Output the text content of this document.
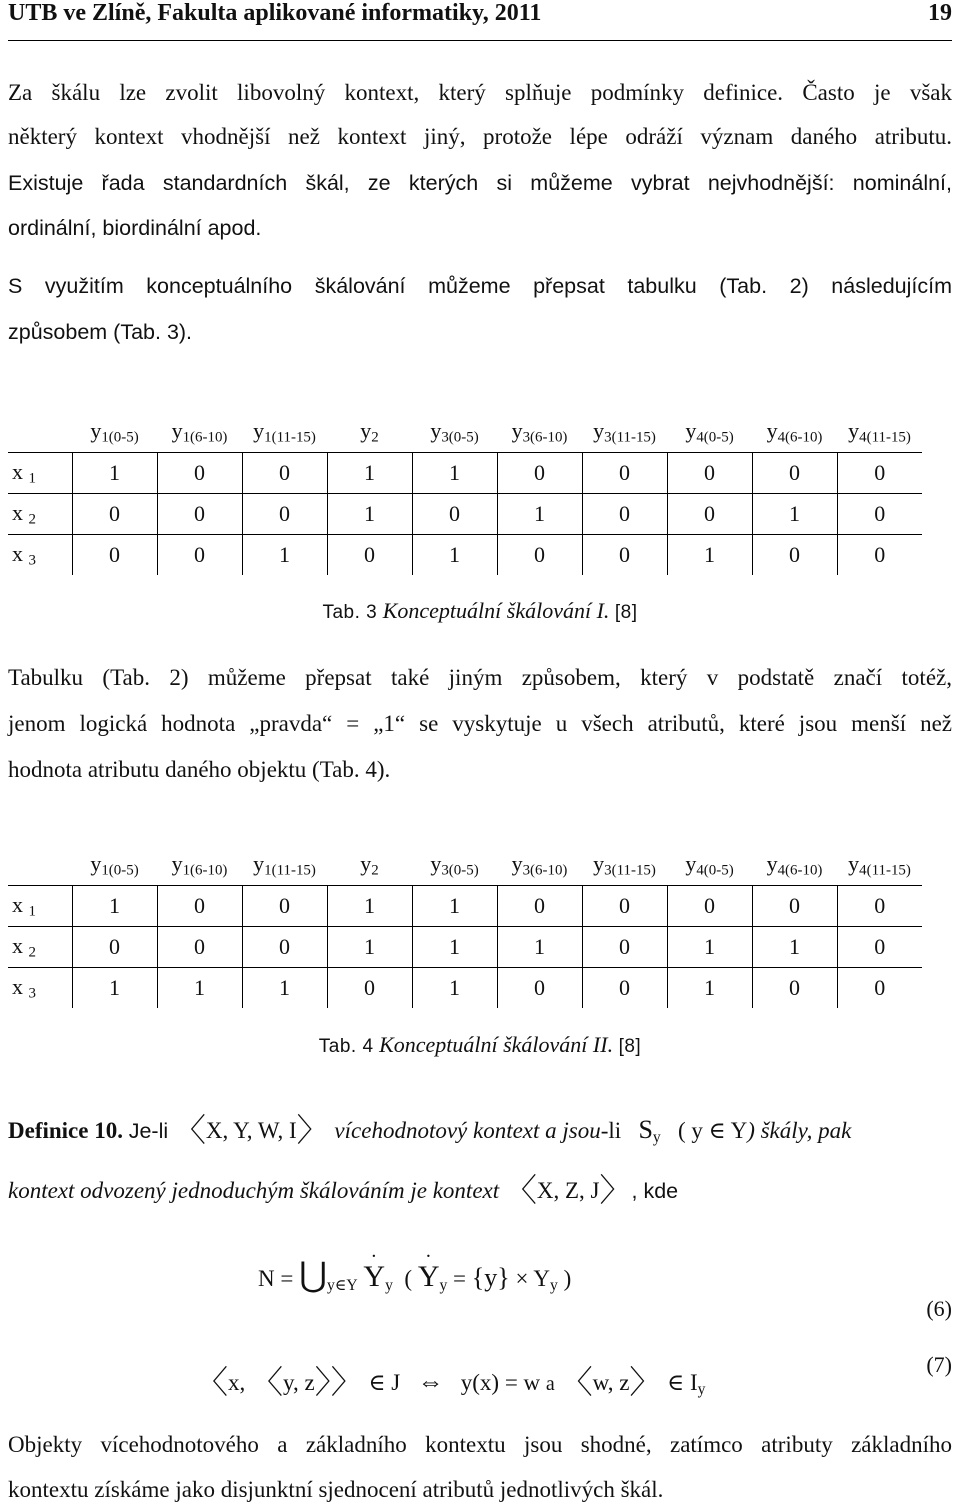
UTB ve Zlíně, Fakulta aplikované informatiky, 2011	19
Za škálu lze zvolit libovolný kontext, který splňuje podmínky definice. Často je však
některý kontext vhodnější než kontext jiný, protože lépe odráží význam daného atributu.
Existuje řada standardních škál, ze kterých si můžeme vybrat nejvhodnější: nominální,
ordinální, biordinální apod.
S využitím konceptuálního škálování můžeme přepsat tabulku (Tab. 2) následujícím
způsobem (Tab. 3).
	$y_{1(0-5)}$	$y_{1(6-10)}$	$y_{1(11-15)}$	$y_2$	$y_{3(0-5)}$	$y_{3(6-10)}$	$y_{3(11-15)}$	$y_{4(0-5)}$	$y_{4(6-10)}$	$y_{4(11-15)}$
x $_1$	1	0	0	1	1	0	0	0	0	0
x $_2$	0	0	0	1	0	1	0	0	1	0
x $_3$	0	0	1	0	1	0	0	1	0	0
Tab. 3 Konceptuální škálování I. [8]
Tabulku (Tab. 2) můžeme přepsat také jiným způsobem, který v podstatě značí totéž,
jenom logická hodnota „pravda“ = „1“ se vyskytuje u všech atributů, které jsou menší než
hodnota atributu daného objektu (Tab. 4).
	$y_{1(0-5)}$	$y_{1(6-10)}$	$y_{1(11-15)}$	$y_2$	$y_{3(0-5)}$	$y_{3(6-10)}$	$y_{3(11-15)}$	$y_{4(0-5)}$	$y_{4(6-10)}$	$y_{4(11-15)}$
x $_1$	1	0	0	1	1	0	0	0	0	0
x $_2$	0	0	0	1	1	1	0	1	1	0
x $_3$	1	1	1	0	1	0	0	1	0	0
Tab. 4 Konceptuální škálování II. [8]
Definice 10. Je-li 〈X, Y, W, I〉 vícehodnotový kontext a jsou-li $S_y$ ( y ∈ Y) škály, pak
kontext odvozený jednoduchým škálováním je kontext 〈X, Z, J〉, kde
$N = ⋃_{y\in Y}$
.
$Y_y$ (
.
$Y_y = \{y\} \times Y_y$ )
(6)
〈x, 〈y, z〉〉 ∈ J ⇔ y(x) = w a 〈w, z〉 ∈ $I_y$
(7)
Objekty vícehodnotového a základního kontextu jsou shodné, zatímco atributy základního
kontextu získáme jako disjunktní sjednocení atributů jednotlivých škál.
